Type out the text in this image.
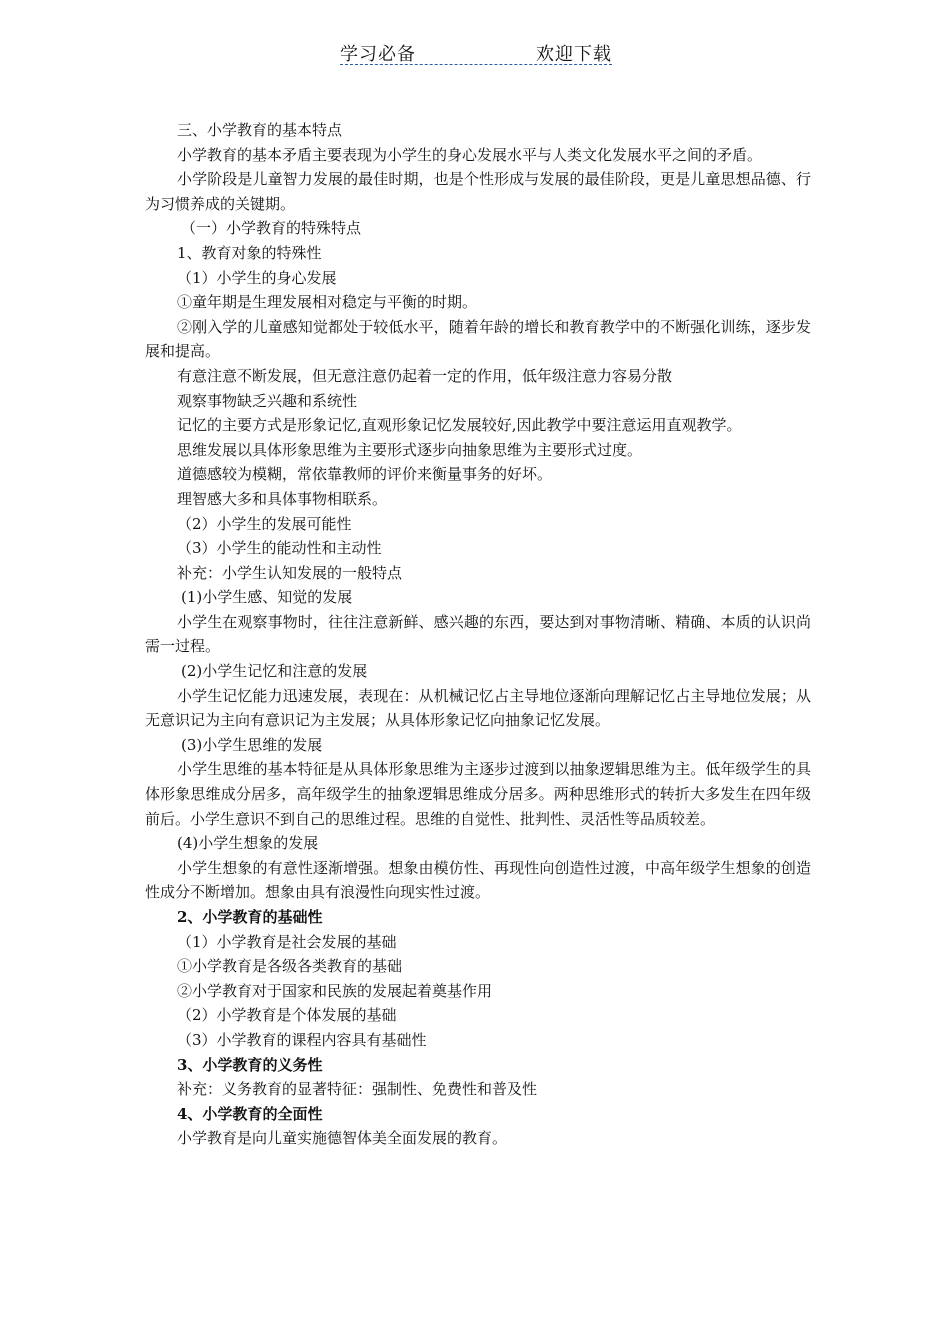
学习必备	欢迎下载

三、小学教育的基本特点

小学教育的基本矛盾主要表现为小学生的身心发展水平与人类文化发展水平之间的矛盾。

小学阶段是儿童智力发展的最佳时期，也是个性形成与发展的最佳阶段，更是儿童思想品德、行为习惯养成的关键期。

（一）小学教育的特殊特点

1、教育对象的特殊性

（1）小学生的身心发展

①童年期是生理发展相对稳定与平衡的时期。

②刚入学的儿童感知觉都处于较低水平，随着年龄的增长和教育教学中的不断强化训练，逐步发展和提高。

有意注意不断发展，但无意注意仍起着一定的作用，低年级注意力容易分散

观察事物缺乏兴趣和系统性

记忆的主要方式是形象记忆,直观形象记忆发展较好,因此教学中要注意运用直观教学。

思维发展以具体形象思维为主要形式逐步向抽象思维为主要形式过度。

道德感较为模糊，常依靠教师的评价来衡量事务的好坏。

理智感大多和具体事物相联系。

（2）小学生的发展可能性

（3）小学生的能动性和主动性

补充：小学生认知发展的一般特点

(1)小学生感、知觉的发展

小学生在观察事物时，往往注意新鲜、感兴趣的东西，要达到对事物清晰、精确、本质的认识尚需一过程。

(2)小学生记忆和注意的发展

小学生记忆能力迅速发展，表现在：从机械记忆占主导地位逐渐向理解记忆占主导地位发展；从无意识记为主向有意识记为主发展；从具体形象记忆向抽象记忆发展。

(3)小学生思维的发展

小学生思维的基本特征是从具体形象思维为主逐步过渡到以抽象逻辑思维为主。低年级学生的具体形象思维成分居多，高年级学生的抽象逻辑思维成分居多。两种思维形式的转折大多发生在四年级前后。小学生意识不到自己的思维过程。思维的自觉性、批判性、灵活性等品质较差。

(4)小学生想象的发展

小学生想象的有意性逐渐增强。想象由模仿性、再现性向创造性过渡，中高年级学生想象的创造性成分不断增加。想象由具有浪漫性向现实性过渡。

2、小学教育的基础性

（1）小学教育是社会发展的基础

①小学教育是各级各类教育的基础

②小学教育对于国家和民族的发展起着奠基作用

（2）小学教育是个体发展的基础

（3）小学教育的课程内容具有基础性

3、小学教育的义务性

补充：义务教育的显著特征：强制性、免费性和普及性

4、小学教育的全面性

小学教育是向儿童实施德智体美全面发展的教育。
